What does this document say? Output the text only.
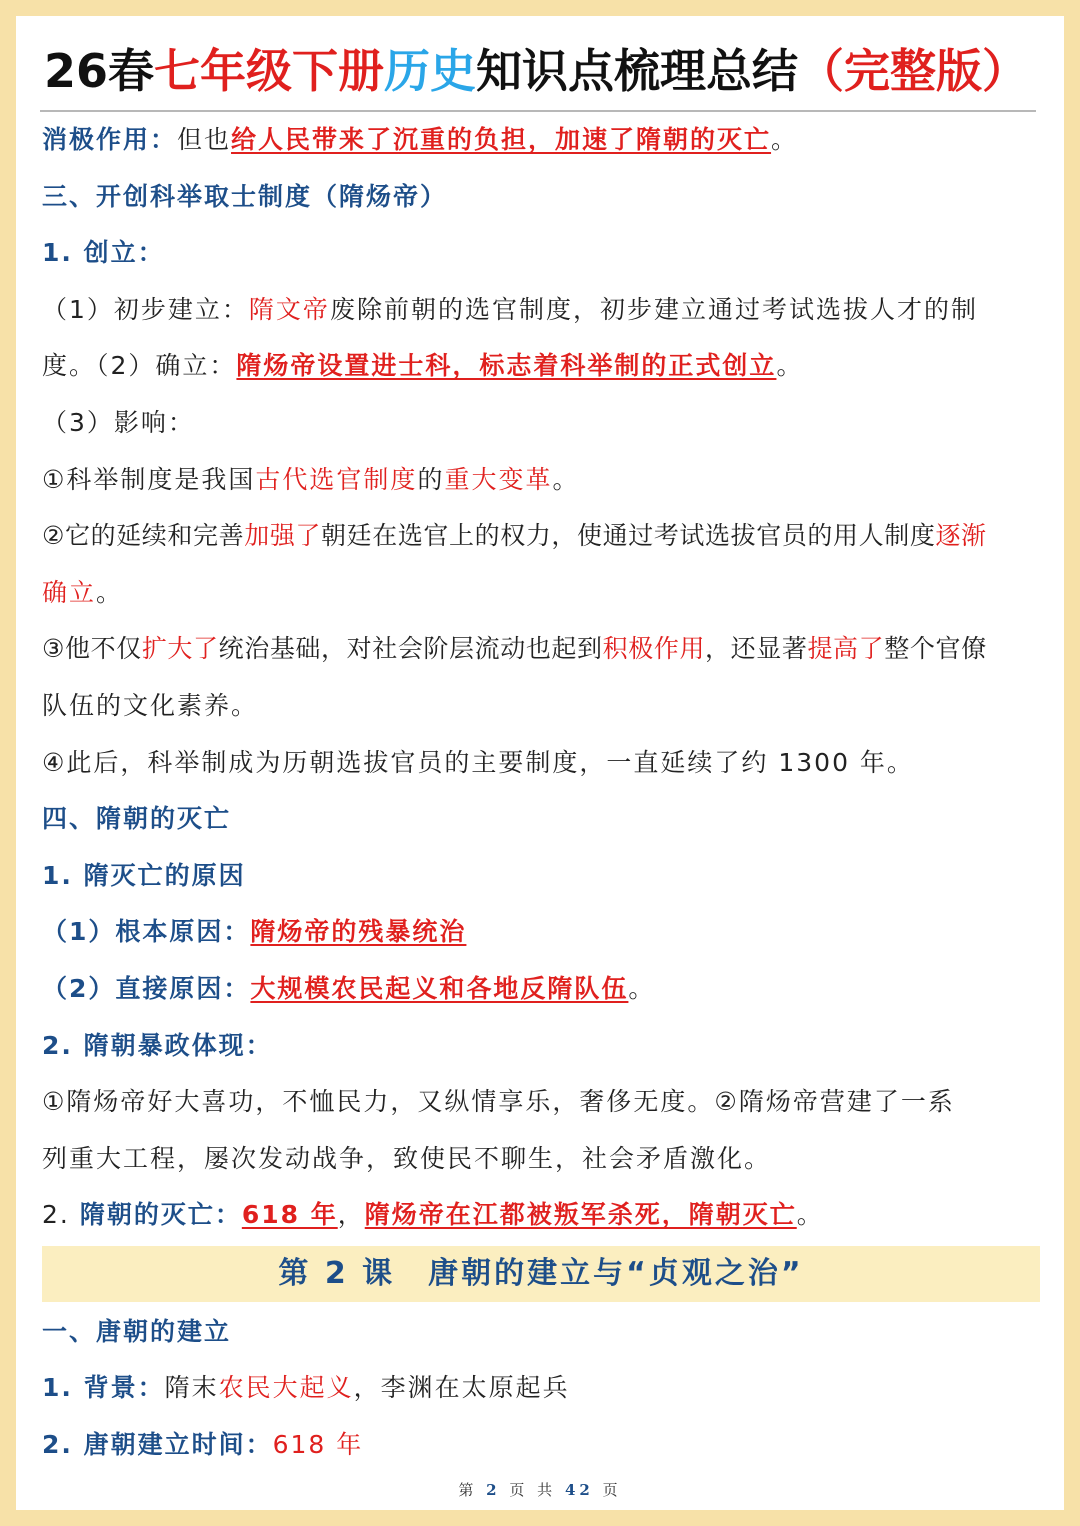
26春七年级下册历史知识点梳理总结（完整版）
消极作用：但也给人民带来了沉重的负担，加速了隋朝的灭亡。
三、开创科举取士制度（隋炀帝）
1. 创立：
（1）初步建立：隋文帝废除前朝的选官制度，初步建立通过考试选拔人才的制
度。（2）确立：隋炀帝设置进士科，标志着科举制的正式创立。
（3）影响：
①科举制度是我国古代选官制度的重大变革。
②它的延续和完善加强了朝廷在选官上的权力，使通过考试选拔官员的用人制度逐渐
确立。
③他不仅扩大了统治基础，对社会阶层流动也起到积极作用，还显著提高了整个官僚
队伍的文化素养。
④此后，科举制成为历朝选拔官员的主要制度，一直延续了约 1300 年。
四、隋朝的灭亡
1. 隋灭亡的原因
（1）根本原因：隋炀帝的残暴统治
（2）直接原因：大规模农民起义和各地反隋队伍。
2. 隋朝暴政体现：
①隋炀帝好大喜功，不恤民力，又纵情享乐，奢侈无度。②隋炀帝营建了一系
列重大工程，屡次发动战争，致使民不聊生，社会矛盾激化。
2. 隋朝的灭亡：618 年，隋炀帝在江都被叛军杀死，隋朝灭亡。
第 2 课　唐朝的建立与“贞观之治”
一、唐朝的建立
1. 背景：隋末农民大起义，李渊在太原起兵
2. 唐朝建立时间：618 年
第 2 页 共 42 页
